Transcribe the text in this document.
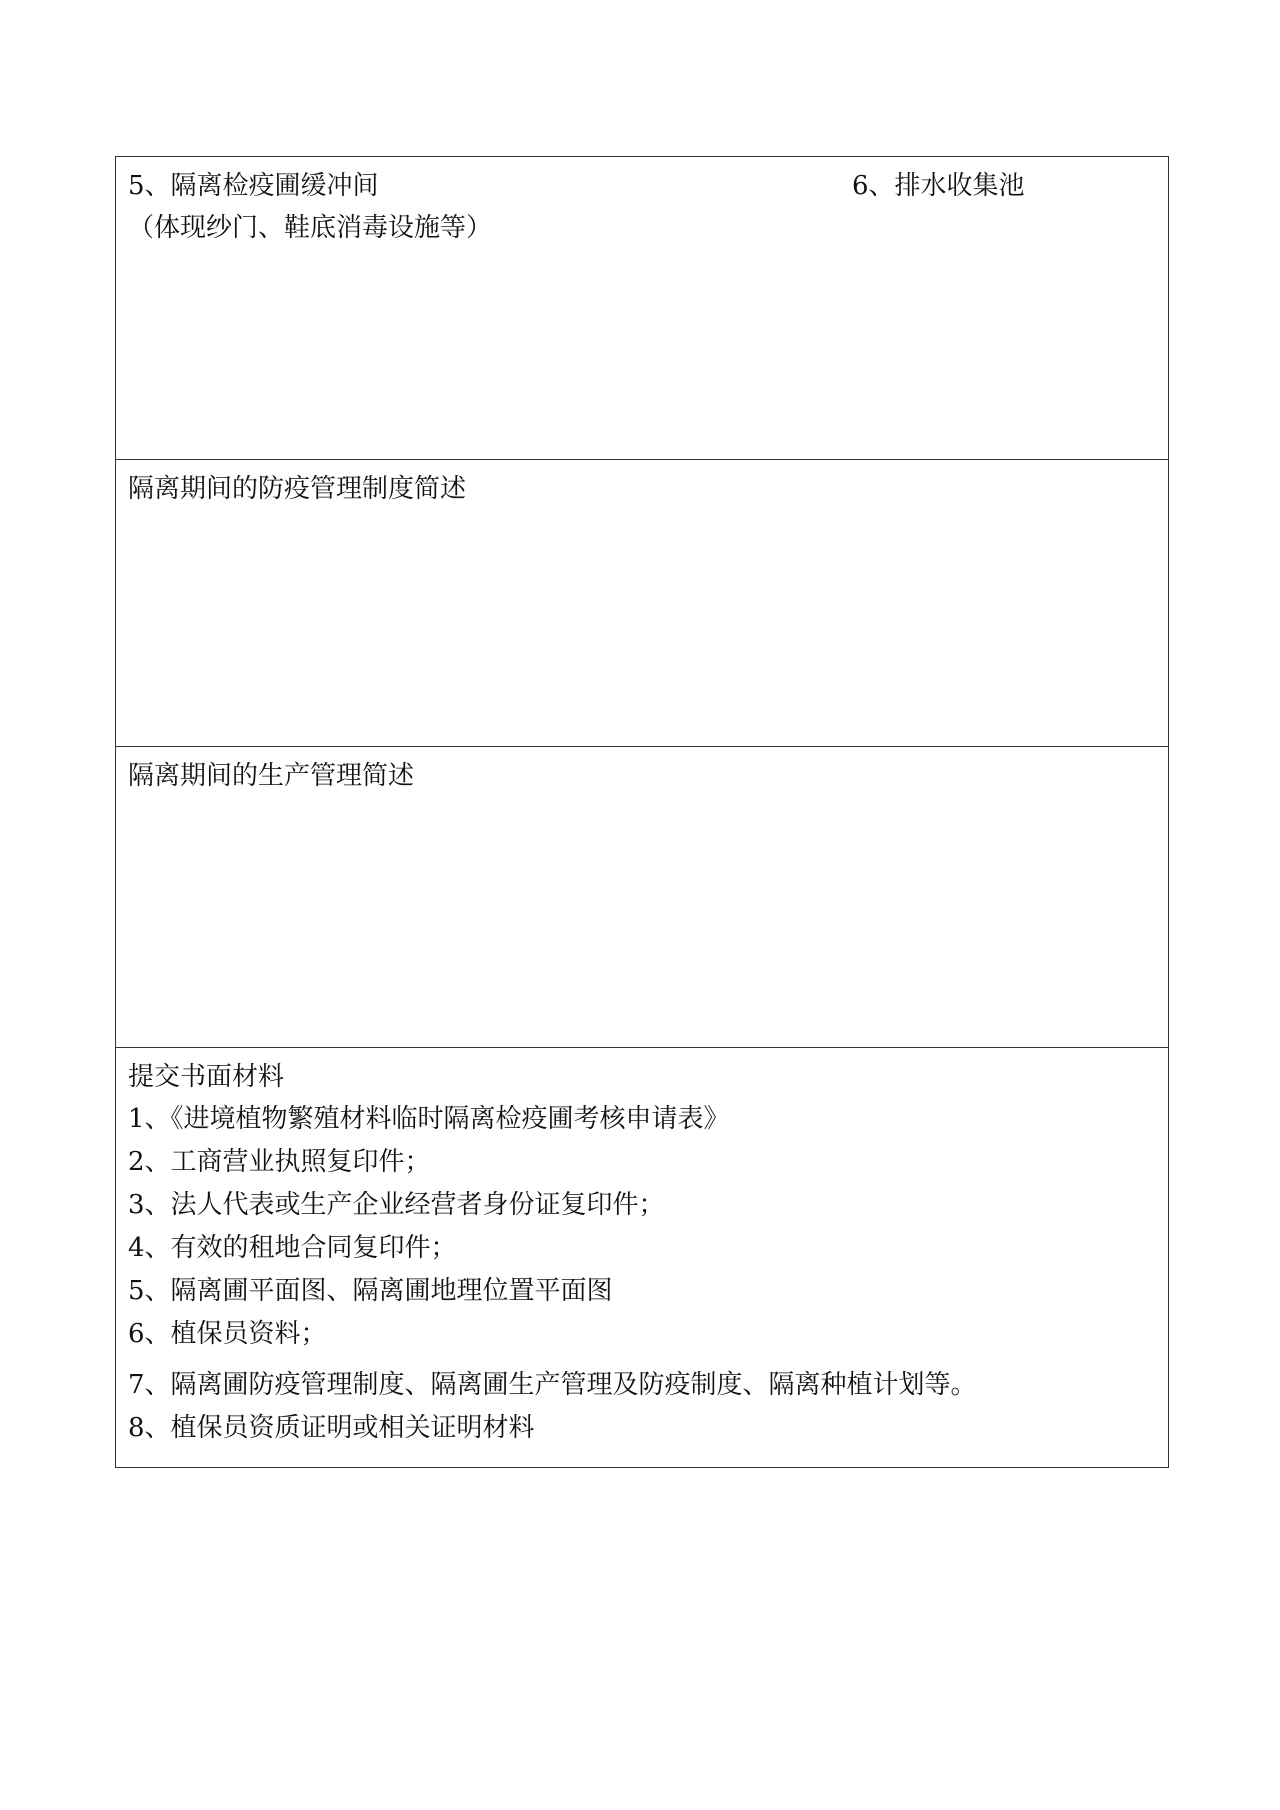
5、隔离检疫圃缓冲间
（体现纱门、鞋底消毒设施等）
6、排水收集池
隔离期间的防疫管理制度简述
隔离期间的生产管理简述
提交书面材料
1、《进境植物繁殖材料临时隔离检疫圃考核申请表》
2、工商营业执照复印件；
3、法人代表或生产企业经营者身份证复印件；
4、有效的租地合同复印件；
5、隔离圃平面图、隔离圃地理位置平面图
6、植保员资料；
7、隔离圃防疫管理制度、隔离圃生产管理及防疫制度、隔离种植计划等。
8、植保员资质证明或相关证明材料
